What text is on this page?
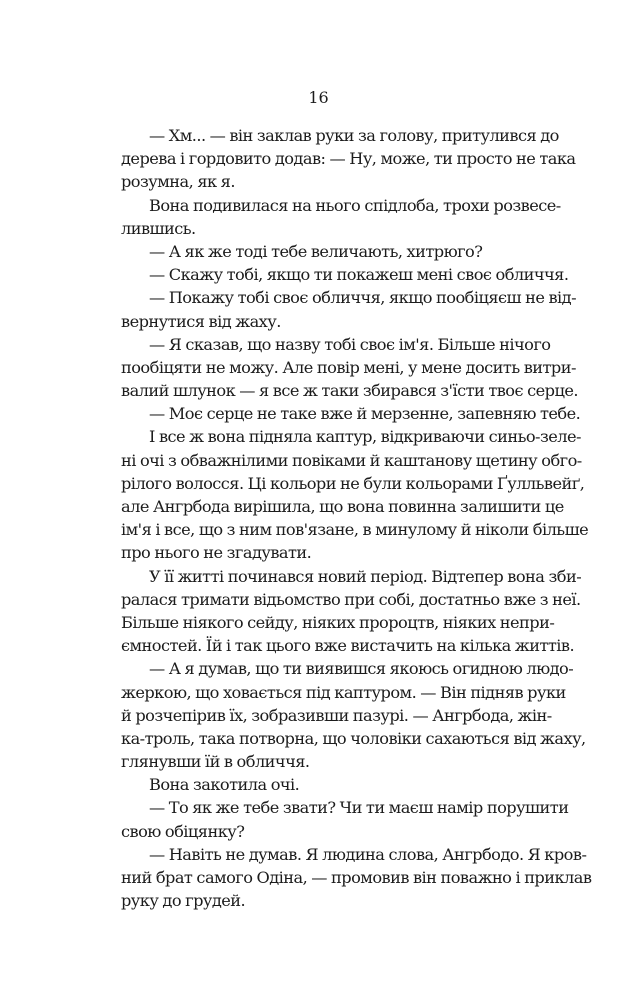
16
— Хм... — він заклав руки за голову, притулився до
дерева і гордовито додав: — Ну, може, ти просто не така
розумна, як я.
Вона подивилася на нього спідлоба, трохи розвесе-
лившись.
— А як же тоді тебе величають, хитрюго?
— Скажу тобі, якщо ти покажеш мені своє обличчя.
— Покажу тобі своє обличчя, якщо пообіцяєш не від-
вернутися від жаху.
— Я сказав, що назву тобі своє ім'я. Більше нічого
пообіцяти не можу. Але повір мені, у мене досить витри-
валий шлунок — я все ж таки збирався з'їсти твоє серце.
— Моє серце не таке вже й мерзенне, запевняю тебе.
І все ж вона підняла каптур, відкриваючи синьо-зеле-
ні очі з обважнілими повіками й каштанову щетину обго-
рілого волосся. Ці кольори не були кольорами Ґулльвейґ,
але Ангрбода вирішила, що вона повинна залишити це
ім'я і все, що з ним пов'язане, в минулому й ніколи більше
про нього не згадувати.
У її житті починався новий період. Відтепер вона зби-
ралася тримати відьомство при собі, достатньо вже з неї.
Більше ніякого сейду, ніяких пророцтв, ніяких непри-
ємностей. Їй і так цього вже вистачить на кілька життів.
— А я думав, що ти виявишся якоюсь огидною людо-
жеркою, що ховається під каптуром. — Він підняв руки
й розчепірив їх, зобразивши пазурі. — Ангрбода, жін-
ка-троль, така потворна, що чоловіки сахаються від жаху,
глянувши їй в обличчя.
Вона закотила очі.
— То як же тебе звати? Чи ти маєш намір порушити
свою обіцянку?
— Навіть не думав. Я людина слова, Ангрбодо. Я кров-
ний брат самого Одіна, — промовив він поважно і приклав
руку до грудей.
